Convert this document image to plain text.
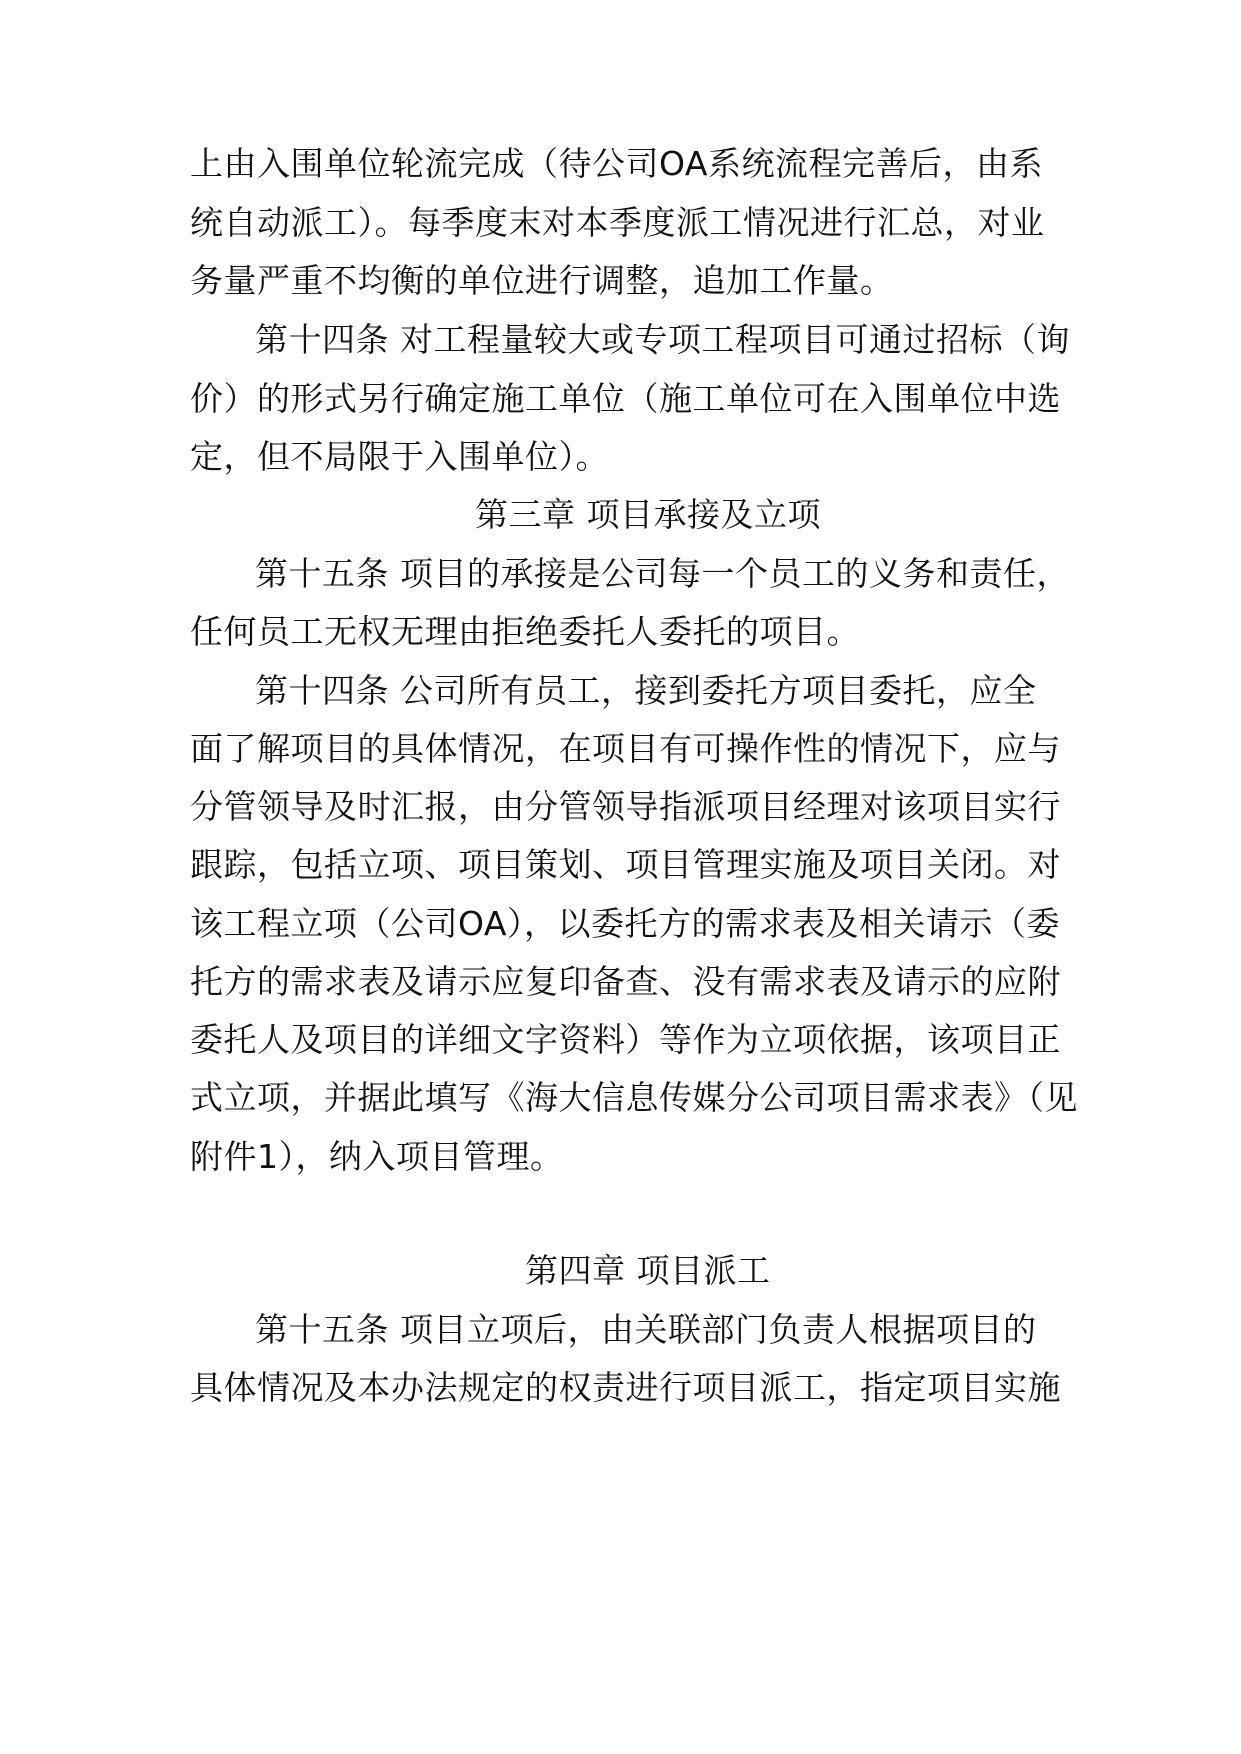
上由入围单位轮流完成（待公司OA系统流程完善后，由系
统自动派工）。每季度末对本季度派工情况进行汇总，对业
务量严重不均衡的单位进行调整，追加工作量。
第十四条 对工程量较大或专项工程项目可通过招标（询
价）的形式另行确定施工单位（施工单位可在入围单位中选
定，但不局限于入围单位）。
第三章 项目承接及立项
第十五条 项目的承接是公司每一个员工的义务和责任，
任何员工无权无理由拒绝委托人委托的项目。
第十四条 公司所有员工，接到委托方项目委托，应全
面了解项目的具体情况，在项目有可操作性的情况下，应与
分管领导及时汇报，由分管领导指派项目经理对该项目实行
跟踪，包括立项、项目策划、项目管理实施及项目关闭。对
该工程立项（公司OA），以委托方的需求表及相关请示（委
托方的需求表及请示应复印备查、没有需求表及请示的应附
委托人及项目的详细文字资料）等作为立项依据，该项目正
式立项，并据此填写《海大信息传媒分公司项目需求表》（见
附件1），纳入项目管理。
第四章 项目派工
第十五条 项目立项后，由关联部门负责人根据项目的
具体情况及本办法规定的权责进行项目派工，指定项目实施
